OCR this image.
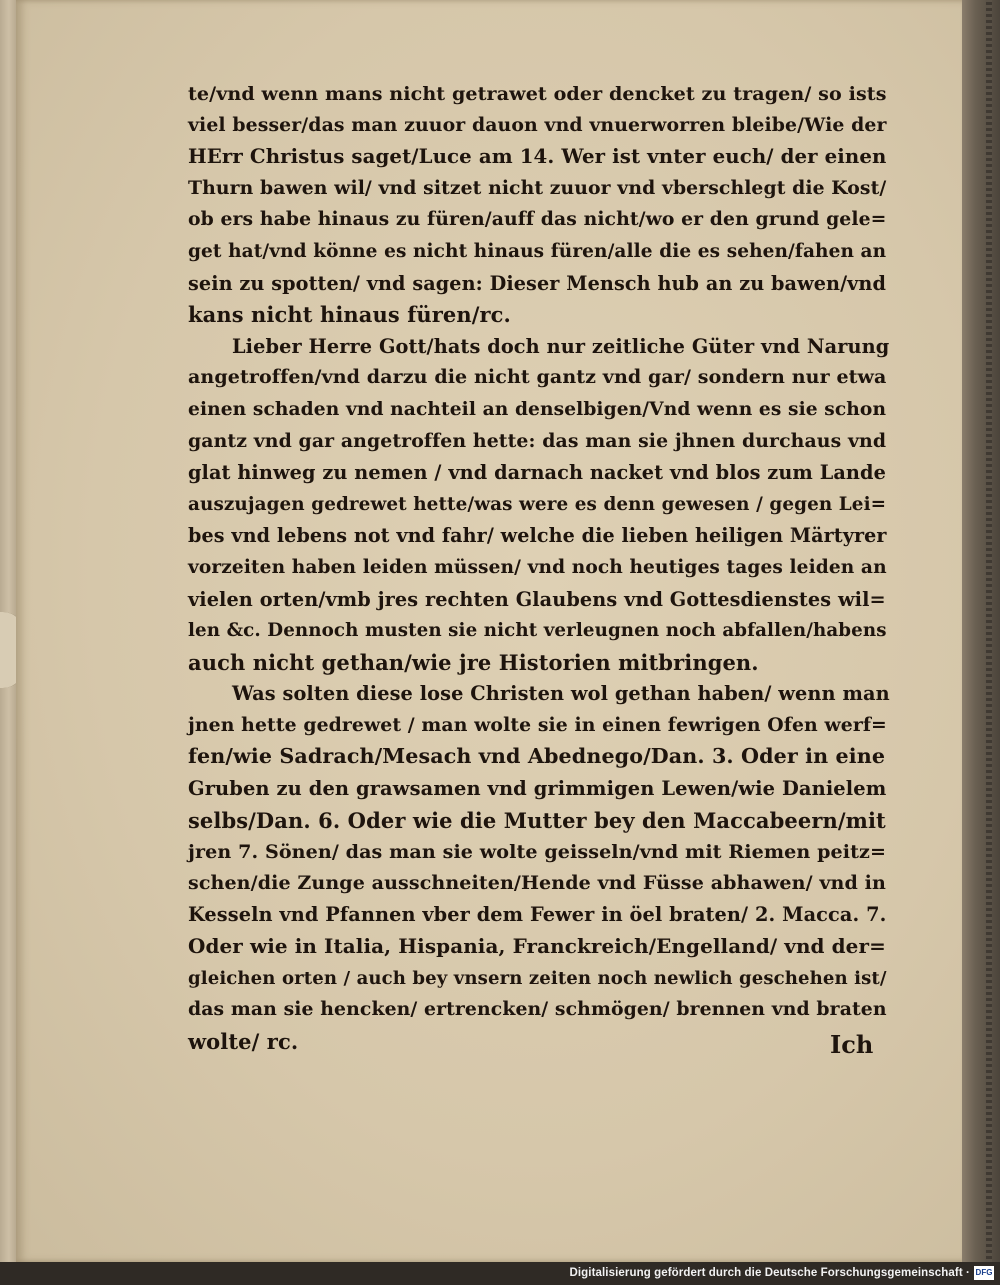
te/vnd wenn mans nicht getrawet oder dencket zu tragen/ so ists
viel besser/das man zuuor dauon vnd vnuerworren bleibe/Wie der
HErr Christus saget/Luce am 14. Wer ist vnter euch/ der einen
Thurn bawen wil/ vnd sitzet nicht zuuor vnd vberschlegt die Kost/
ob ers habe hinaus zu füren/auff das nicht/wo er den grund gele=
get hat/vnd könne es nicht hinaus füren/alle die es sehen/fahen an
sein zu spotten/ vnd sagen: Dieser Mensch hub an zu bawen/vnd
kans nicht hinaus füren/rc.
Lieber Herre Gott/hats doch nur zeitliche Güter vnd Narung
angetroffen/vnd darzu die nicht gantz vnd gar/ sondern nur etwa
einen schaden vnd nachteil an denselbigen/Vnd wenn es sie schon
gantz vnd gar angetroffen hette: das man sie jhnen durchaus vnd
glat hinweg zu nemen / vnd darnach nacket vnd blos zum Lande
auszujagen gedrewet hette/was were es denn gewesen / gegen Lei=
bes vnd lebens not vnd fahr/ welche die lieben heiligen Märtyrer
vorzeiten haben leiden müssen/ vnd noch heutiges tages leiden an
vielen orten/vmb jres rechten Glaubens vnd Gottesdienstes wil=
len &c. Dennoch musten sie nicht verleugnen noch abfallen/habens
auch nicht gethan/wie jre Historien mitbringen.
Was solten diese lose Christen wol gethan haben/ wenn man
jnen hette gedrewet / man wolte sie in einen fewrigen Ofen werf=
fen/wie Sadrach/Mesach vnd Abednego/Dan. 3. Oder in eine
Gruben zu den grawsamen vnd grimmigen Lewen/wie Danielem
selbs/Dan. 6. Oder wie die Mutter bey den Maccabeern/mit
jren 7. Sönen/ das man sie wolte geisseln/vnd mit Riemen peitz=
schen/die Zunge ausschneiten/Hende vnd Füsse abhawen/ vnd in
Kesseln vnd Pfannen vber dem Fewer in öel braten/ 2. Macca. 7.
Oder wie in Italia, Hispania, Franckreich/Engelland/ vnd der=
gleichen orten / auch bey vnsern zeiten noch newlich geschehen ist/
das man sie hencken/ ertrencken/ schmögen/ brennen vnd braten
wolte/ rc.	Ich
Digitalisierung gefördert durch die Deutsche Forschungsgemeinschaft · DFG
